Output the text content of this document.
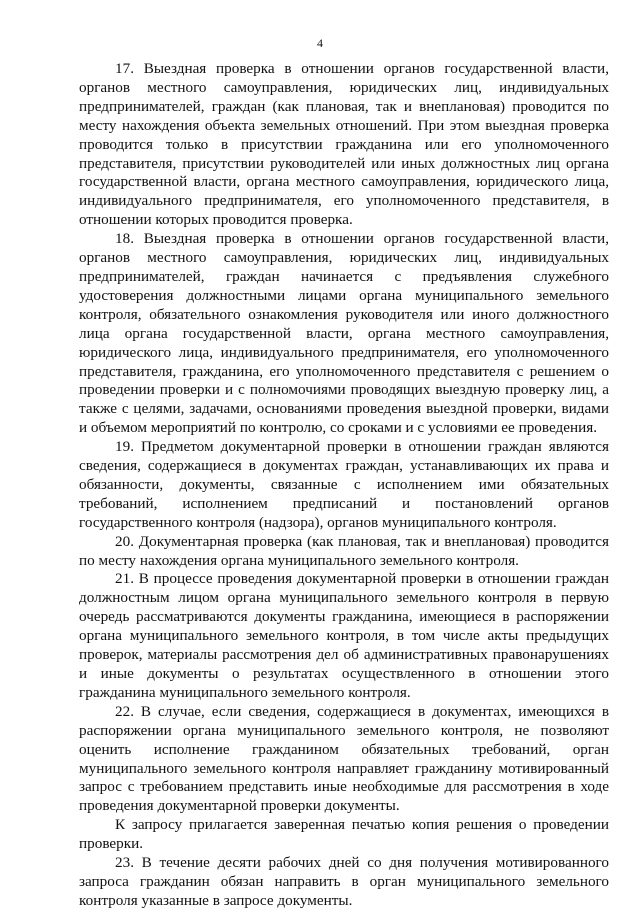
4

17. Выездная проверка в отношении органов государственной власти, органов местного самоуправления, юридических лиц, индивидуальных предпринимателей, граждан (как плановая, так и внеплановая) проводится по месту нахождения объекта земельных отношений. При этом выездная проверка проводится только в присутствии гражданина или его уполномоченного представителя, присутствии руководителей или иных должностных лиц органа государственной власти, органа местного самоуправления, юридического лица, индивидуального предпринимателя, его уполномоченного представителя, в отношении которых проводится проверка.

18. Выездная проверка в отношении органов государственной власти, органов местного самоуправления, юридических лиц, индивидуальных предпринимателей, граждан начинается с предъявления служебного удостоверения должностными лицами органа муниципального земельного контроля, обязательного ознакомления руководителя или иного должностного лица органа государственной власти, органа местного самоуправления, юридического лица, индивидуального предпринимателя, его уполномоченного представителя, гражданина, его уполномоченного представителя с решением о проведении проверки и с полномочиями проводящих выездную проверку лиц, а также с целями, задачами, основаниями проведения выездной проверки, видами и объемом мероприятий по контролю, со сроками и с условиями ее проведения.

19. Предметом документарной проверки в отношении граждан являются сведения, содержащиеся в документах граждан, устанавливающих их права и обязанности, документы, связанные с исполнением ими обязательных требований, исполнением предписаний и постановлений органов государственного контроля (надзора), органов муниципального контроля.

20. Документарная проверка (как плановая, так и внеплановая) проводится по месту нахождения органа муниципального земельного контроля.

21. В процессе проведения документарной проверки в отношении граждан должностным лицом органа муниципального земельного контроля в первую очередь рассматриваются документы гражданина, имеющиеся в распоряжении органа муниципального земельного контроля, в том числе акты предыдущих проверок, материалы рассмотрения дел об административных правонарушениях и иные документы о результатах осуществленного в отношении этого гражданина муниципального земельного контроля.

22. В случае, если сведения, содержащиеся в документах, имеющихся в распоряжении органа муниципального земельного контроля, не позволяют оценить исполнение гражданином обязательных требований, орган муниципального земельного контроля направляет гражданину мотивированный запрос с требованием представить иные необходимые для рассмотрения в ходе проведения документарной проверки документы.

К запросу прилагается заверенная печатью копия решения о проведении проверки.

23. В течение десяти рабочих дней со дня получения мотивированного запроса гражданин обязан направить в орган муниципального земельного контроля указанные в запросе документы.
